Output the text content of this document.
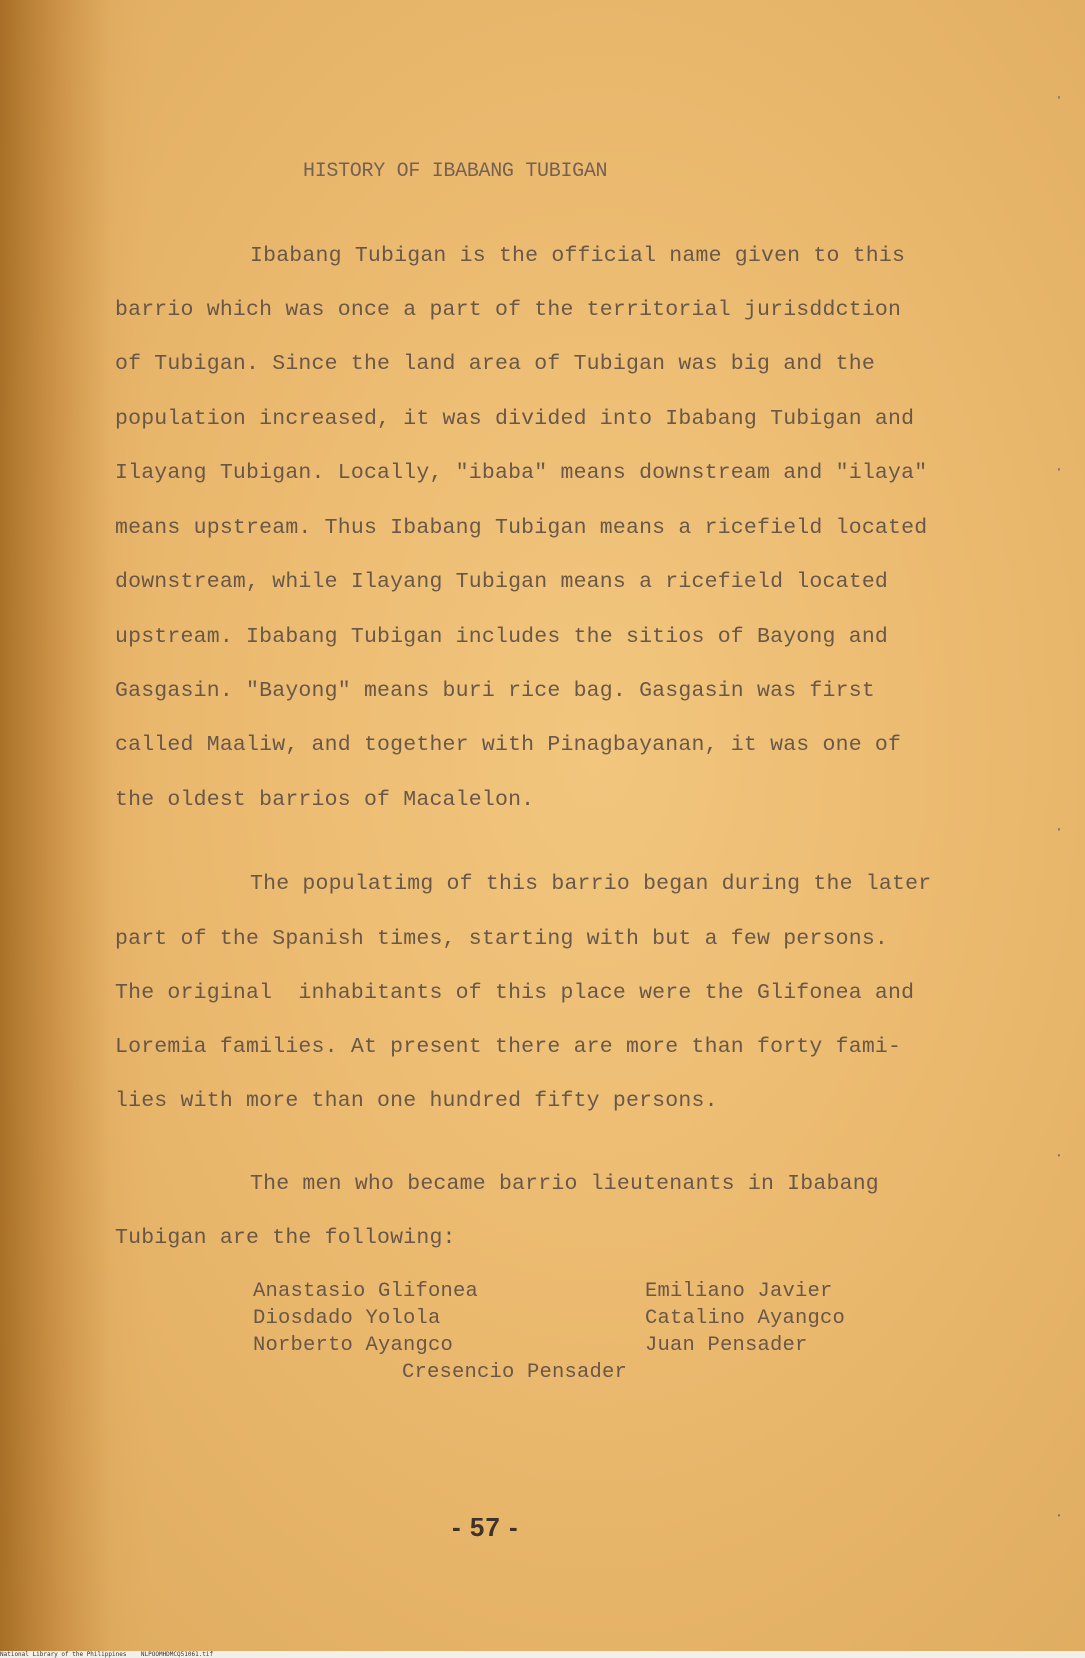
HISTORY OF IBABANG TUBIGAN
Ibabang Tubigan is the official name given to this
barrio which was once a part of the territorial jurisddction
of Tubigan. Since the land area of Tubigan was big and the
population increased, it was divided into Ibabang Tubigan and
Ilayang Tubigan. Locally, "ibaba" means downstream and "ilaya"
means upstream. Thus Ibabang Tubigan means a ricefield located
downstream, while Ilayang Tubigan means a ricefield located
upstream. Ibabang Tubigan includes the sitios of Bayong and
Gasgasin. "Bayong" means buri rice bag. Gasgasin was first
called Maaliw, and together with Pinagbayanan, it was one of
the oldest barrios of Macalelon.
The populatimg of this barrio began during the later
part of the Spanish times, starting with but a few persons.
The original  inhabitants of this place were the Glifonea and
Loremia families. At present there are more than forty fami-
lies with more than one hundred fifty persons.
The men who became barrio lieutenants in Ibabang
Tubigan are the following:
Anastasio Glifonea
Diosdado Yolola
Norberto Ayangco
Emiliano Javier
Catalino Ayangco
Juan Pensader
Cresencio Pensader
- 57 -
⋅
⋅
⋅
⋅
⋅
National Library of the Philippines NLPOOMHDMCQ51061.tif
